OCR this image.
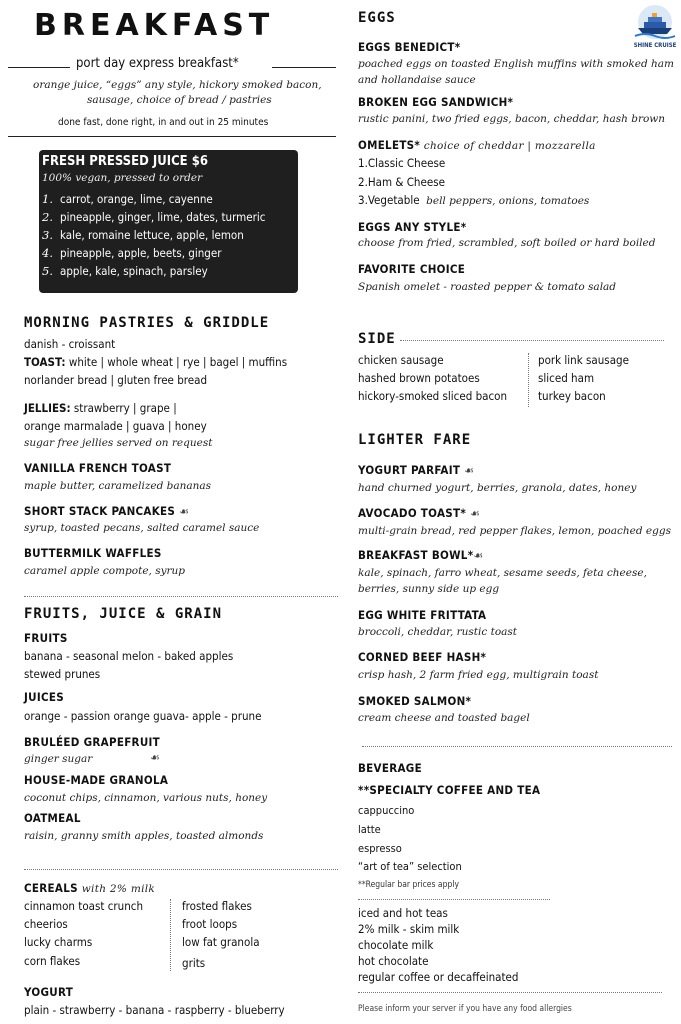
BREAKFAST
port day express breakfast*
orange juice, “eggs” any style, hickory smoked bacon,
sausage, choice of bread / pastries
done fast, done right, in and out in 25 minutes
FRESH PRESSED JUICE $6
100% vegan, pressed to order
1. carrot, orange, lime, cayenne
2. pineapple, ginger, lime, dates, turmeric
3. kale, romaine lettuce, apple, lemon
4. pineapple, apple, beets, ginger
5. apple, kale, spinach, parsley
MORNING PASTRIES & GRIDDLE
danish - croissant
TOAST: white | whole wheat | rye | bagel | muffins
norlander bread | gluten free bread
JELLIES: strawberry | grape |
orange marmalade | guava | honey
sugar free jellies served on request
VANILLA FRENCH TOAST
maple butter, caramelized bananas
SHORT STACK PANCAKES ☙
syrup, toasted pecans, salted caramel sauce
BUTTERMILK WAFFLES
caramel apple compote, syrup
FRUITS, JUICE & GRAIN
FRUITS
banana - seasonal melon - baked apples
stewed prunes
JUICES
orange - passion orange guava- apple - prune
BRULÉED GRAPEFRUIT
ginger sugar	☙
HOUSE-MADE GRANOLA
coconut chips, cinnamon, various nuts, honey
OATMEAL
raisin, granny smith apples, toasted almonds
CEREALS with 2% milk
cinnamon toast crunch
cheerios
lucky charms
corn flakes
frosted flakes
froot loops
low fat granola
grits
YOGURT
plain - strawberry - banana - raspberry - blueberry
SHINE CRUISE
EGGS
EGGS BENEDICT*
poached eggs on toasted English muffins with smoked ham
and hollandaise sauce
BROKEN EGG SANDWICH*
rustic panini, two fried eggs, bacon, cheddar, hash brown
OMELETS* choice of cheddar | mozzarella
1.Classic Cheese
2.Ham & Cheese
3.Vegetable bell peppers, onions, tomatoes
EGGS ANY STYLE*
choose from fried, scrambled, soft boiled or hard boiled
FAVORITE CHOICE
Spanish omelet - roasted pepper & tomato salad
SIDE
chicken sausage
hashed brown potatoes
hickory-smoked sliced bacon
pork link sausage
sliced ham
turkey bacon
LIGHTER FARE
YOGURT PARFAIT ☙
hand churned yogurt, berries, granola, dates, honey
AVOCADO TOAST* ☙
multi-grain bread, red pepper flakes, lemon, poached eggs
BREAKFAST BOWL*☙
kale, spinach, farro wheat, sesame seeds, feta cheese,
berries, sunny side up egg
EGG WHITE FRITTATA
broccoli, cheddar, rustic toast
CORNED BEEF HASH*
crisp hash, 2 farm fried egg, multigrain toast
SMOKED SALMON*
cream cheese and toasted bagel
BEVERAGE
**SPECIALTY COFFEE AND TEA
cappuccino
latte
espresso
“art of tea” selection
**Regular bar prices apply
iced and hot teas
2% milk - skim milk
chocolate milk
hot chocolate
regular coffee or decaffeinated
Please inform your server if you have any food allergies
